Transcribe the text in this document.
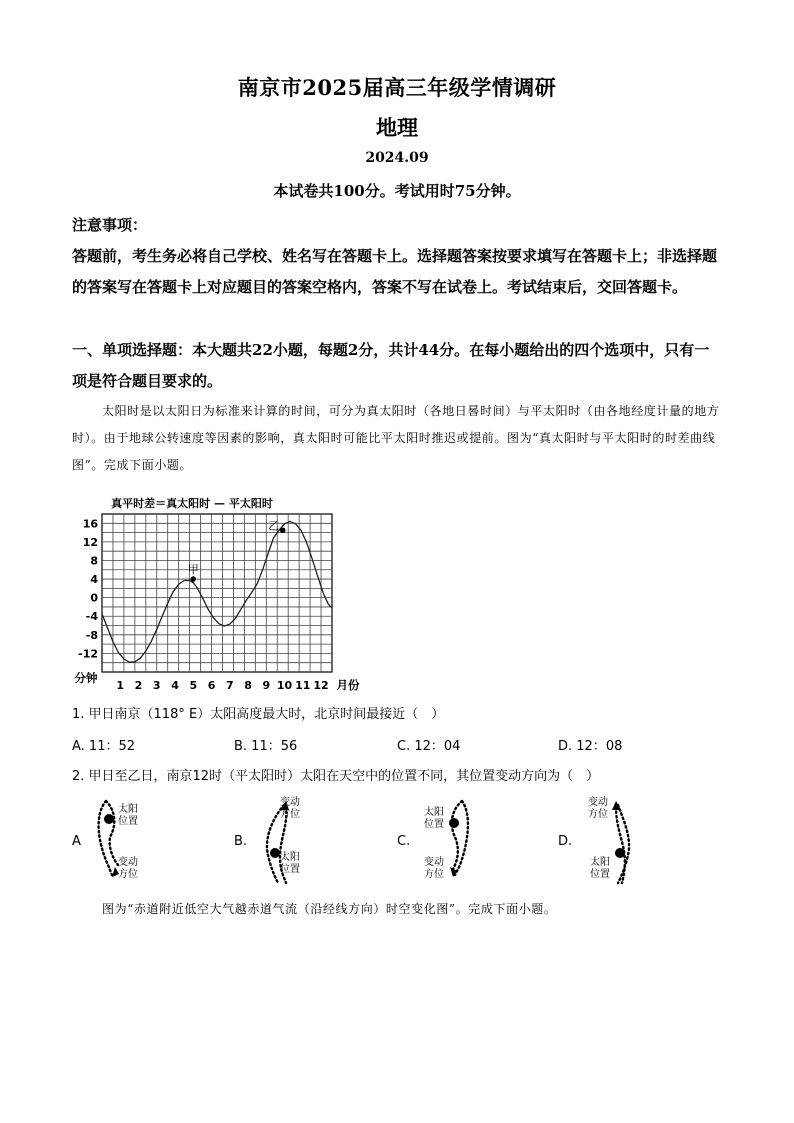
南京市2025届高三年级学情调研
地理
2024.09
本试卷共100分。考试用时75分钟。
注意事项：
答题前，考生务必将自己学校、姓名写在答题卡上。选择题答案按要求填写在答题卡上；非选择题的答案写在答题卡上对应题目的答案空格内，答案不写在试卷上。考试结束后，交回答题卡。
一、单项选择题：本大题共22小题，每题2分，共计44分。在每小题给出的四个选项中，只有一项是符合题目要求的。
太阳时是以太阳日为标准来计算的时间，可分为真太阳时（各地日晷时间）与平太阳时（由各地经度计量的地方时）。由于地球公转速度等因素的影响，真太阳时可能比平太阳时推迟或提前。图为“真太阳时与平太阳时的时差曲线图”。完成下面小题。
真平时差＝真太阳时 — 平太阳时
16
12
8
4
0
-4
-8
-12
1 2 3 4 5 6 7 8 9 10 11 12
分钟	月份
甲
乙
1. 甲日南京（118° E）太阳高度最大时，北京时间最接近（　）
A. 11：52	B. 11：56	C. 12：04	D. 12：08
2. 甲日至乙日，南京12时（平太阳时）太阳在天空中的位置不同，其位置变动方向为（　）
A
太阳 位置
变动 方位
B.
变动 方位
太阳 位置
C.
太阳 位置
变动 方位
D.
变动 方位
太阳 位置
图为“赤道附近低空大气越赤道气流（沿经线方向）时空变化图”。完成下面小题。
